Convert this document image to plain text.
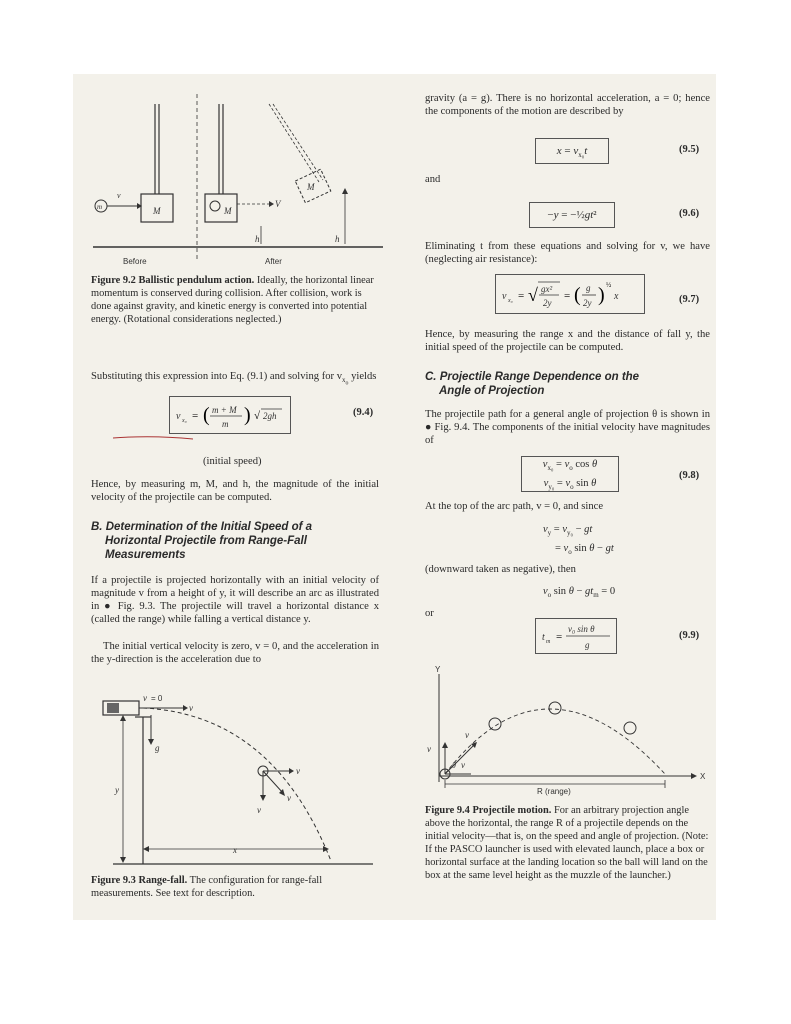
M
m
v
M
V
M
h	h
Before	After
Figure 9.2 Ballistic pendulum action. Ideally, the horizontal linear momentum is conserved during collision. After collision, work is done against gravity, and kinetic energy is converted into potential energy. (Rotational considerations neglected.)
Substituting this expression into Eq. (9.1) and solving for $v_{x_o}$ yields
v x₀ = ( m + M
m ) √ 2gh	(9.4)
(initial speed)
Hence, by measuring m, M, and h, the magnitude of the initial velocity of the projectile can be computed.
B. Determination of the Initial Speed of a
Horizontal Projectile from Range-Fall
Measurements
If a projectile is projected horizontally with an initial velocity of magnitude v from a height of y, it will describe an arc as illustrated in ● Fig. 9.3. The projectile will travel a horizontal distance x (called the range) while falling a vertical distance y.
The initial vertical velocity is zero, v = 0, and the acceleration in the y-direction is the acceleration due to
v = 0
v
g
v
v
v
y
x
Figure 9.3 Range-fall. The configuration for range-fall measurements. See text for description.
gravity (a = g). There is no horizontal acceleration, a = 0; hence the components of the motion are described by
$x = v_{x_0}t$	(9.5)
and
−y = −½gt²	(9.6)
Eliminating t from these equations and solving for v, we have (neglecting air resistance):
v x₀ = √ gx²
2y
= ( g
2y ) ½
x	(9.7)
Hence, by measuring the range x and the distance of fall y, the initial speed of the projectile can be computed.
C. Projectile Range Dependence on the
Angle of Projection
The projectile path for a general angle of projection θ is shown in ● Fig. 9.4. The components of the initial velocity have magnitudes of
$v_{x_0} = v_o$ cos θ
$v_{y_0} = v_o$ sin θ
(9.8)
At the top of the arc path, v = 0, and since
$v_y = v_{y_0}$ − gt
= $v_o$ sin θ − gt
(downward taken as negative), then
$v_o$ $\sin \theta - gt_m = 0$
or
t m =
v₀ sin θ
g
(9.9)
Y
X
v
v
v
θ
R (range)
Figure 9.4 Projectile motion. For an arbitrary projection angle above the horizontal, the range R of a projectile depends on the initial velocity—that is, on the speed and angle of projection. (Note: If the PASCO launcher is used with elevated launch, place a box or horizontal surface at the landing location so the ball will land on the box at the same level height as the muzzle of the launcher.)
